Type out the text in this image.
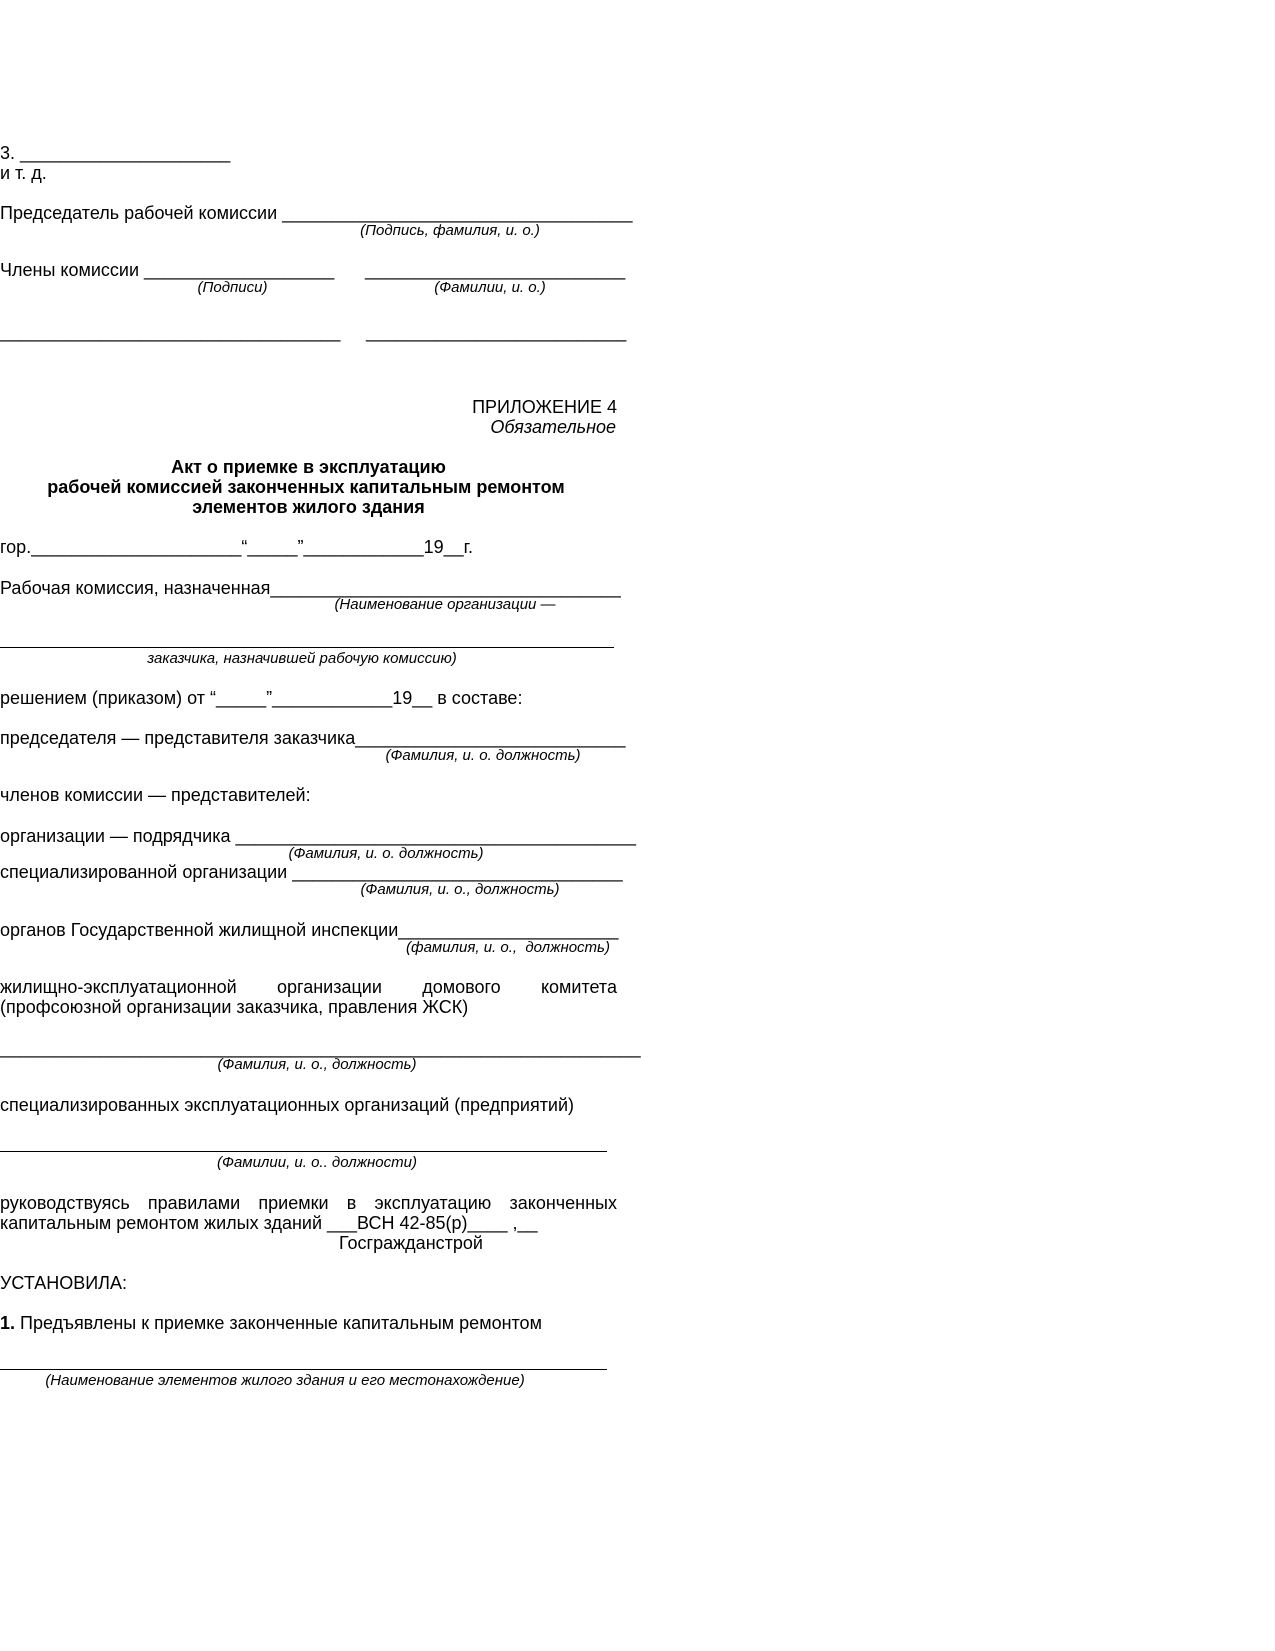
3. _____________________
и т. д.
Председатель рабочей комиссии ___________________________________
(Подпись, фамилия, и. о.)
Члены комиссии ___________________ __________________________
(Подписи)	(Фамилии, и. о.)
__________________________________ __________________________
ПРИЛОЖЕНИЕ 4
Обязательное
Акт о приемке в эксплуатацию
рабочей комиссией законченных капитальным ремонтом
элементов жилого здания
гор._____________________“_____”____________19__г.
Рабочая комиссия, назначенная___________________________________
(Наименование организации —
заказчика, назначившей рабочую комиссию)
решением (приказом) от “_____”____________19__ в составе:
председателя — представителя заказчика___________________________
(Фамилия, и. о. должность)
членов комиссии — представителей:
организации — подрядчика ________________________________________
(Фамилия, и. о. должность)
специализированной организации _________________________________
(Фамилия, и. о., должность)
органов Государственной жилищной инспекции______________________
(фамилия, и. о.,  должность)
жилищно-эксплуатационной организации домового комитета
(профсоюзной организации заказчика, правления ЖСК)
________________________________________________________________
(Фамилия, и. о., должность)
специализированных эксплуатационных организаций (предприятий)
(Фамилии, и. о.. должности)
руководствуясь правилами приемки в эксплуатацию законченных
капитальным ремонтом жилых зданий ___ВСН 42-85(р)____ ,__
Госгражданстрой
УСТАНОВИЛА:
1. Предъявлены к приемке законченные капитальным ремонтом
(Наименование элементов жилого здания и его местонахождение)
